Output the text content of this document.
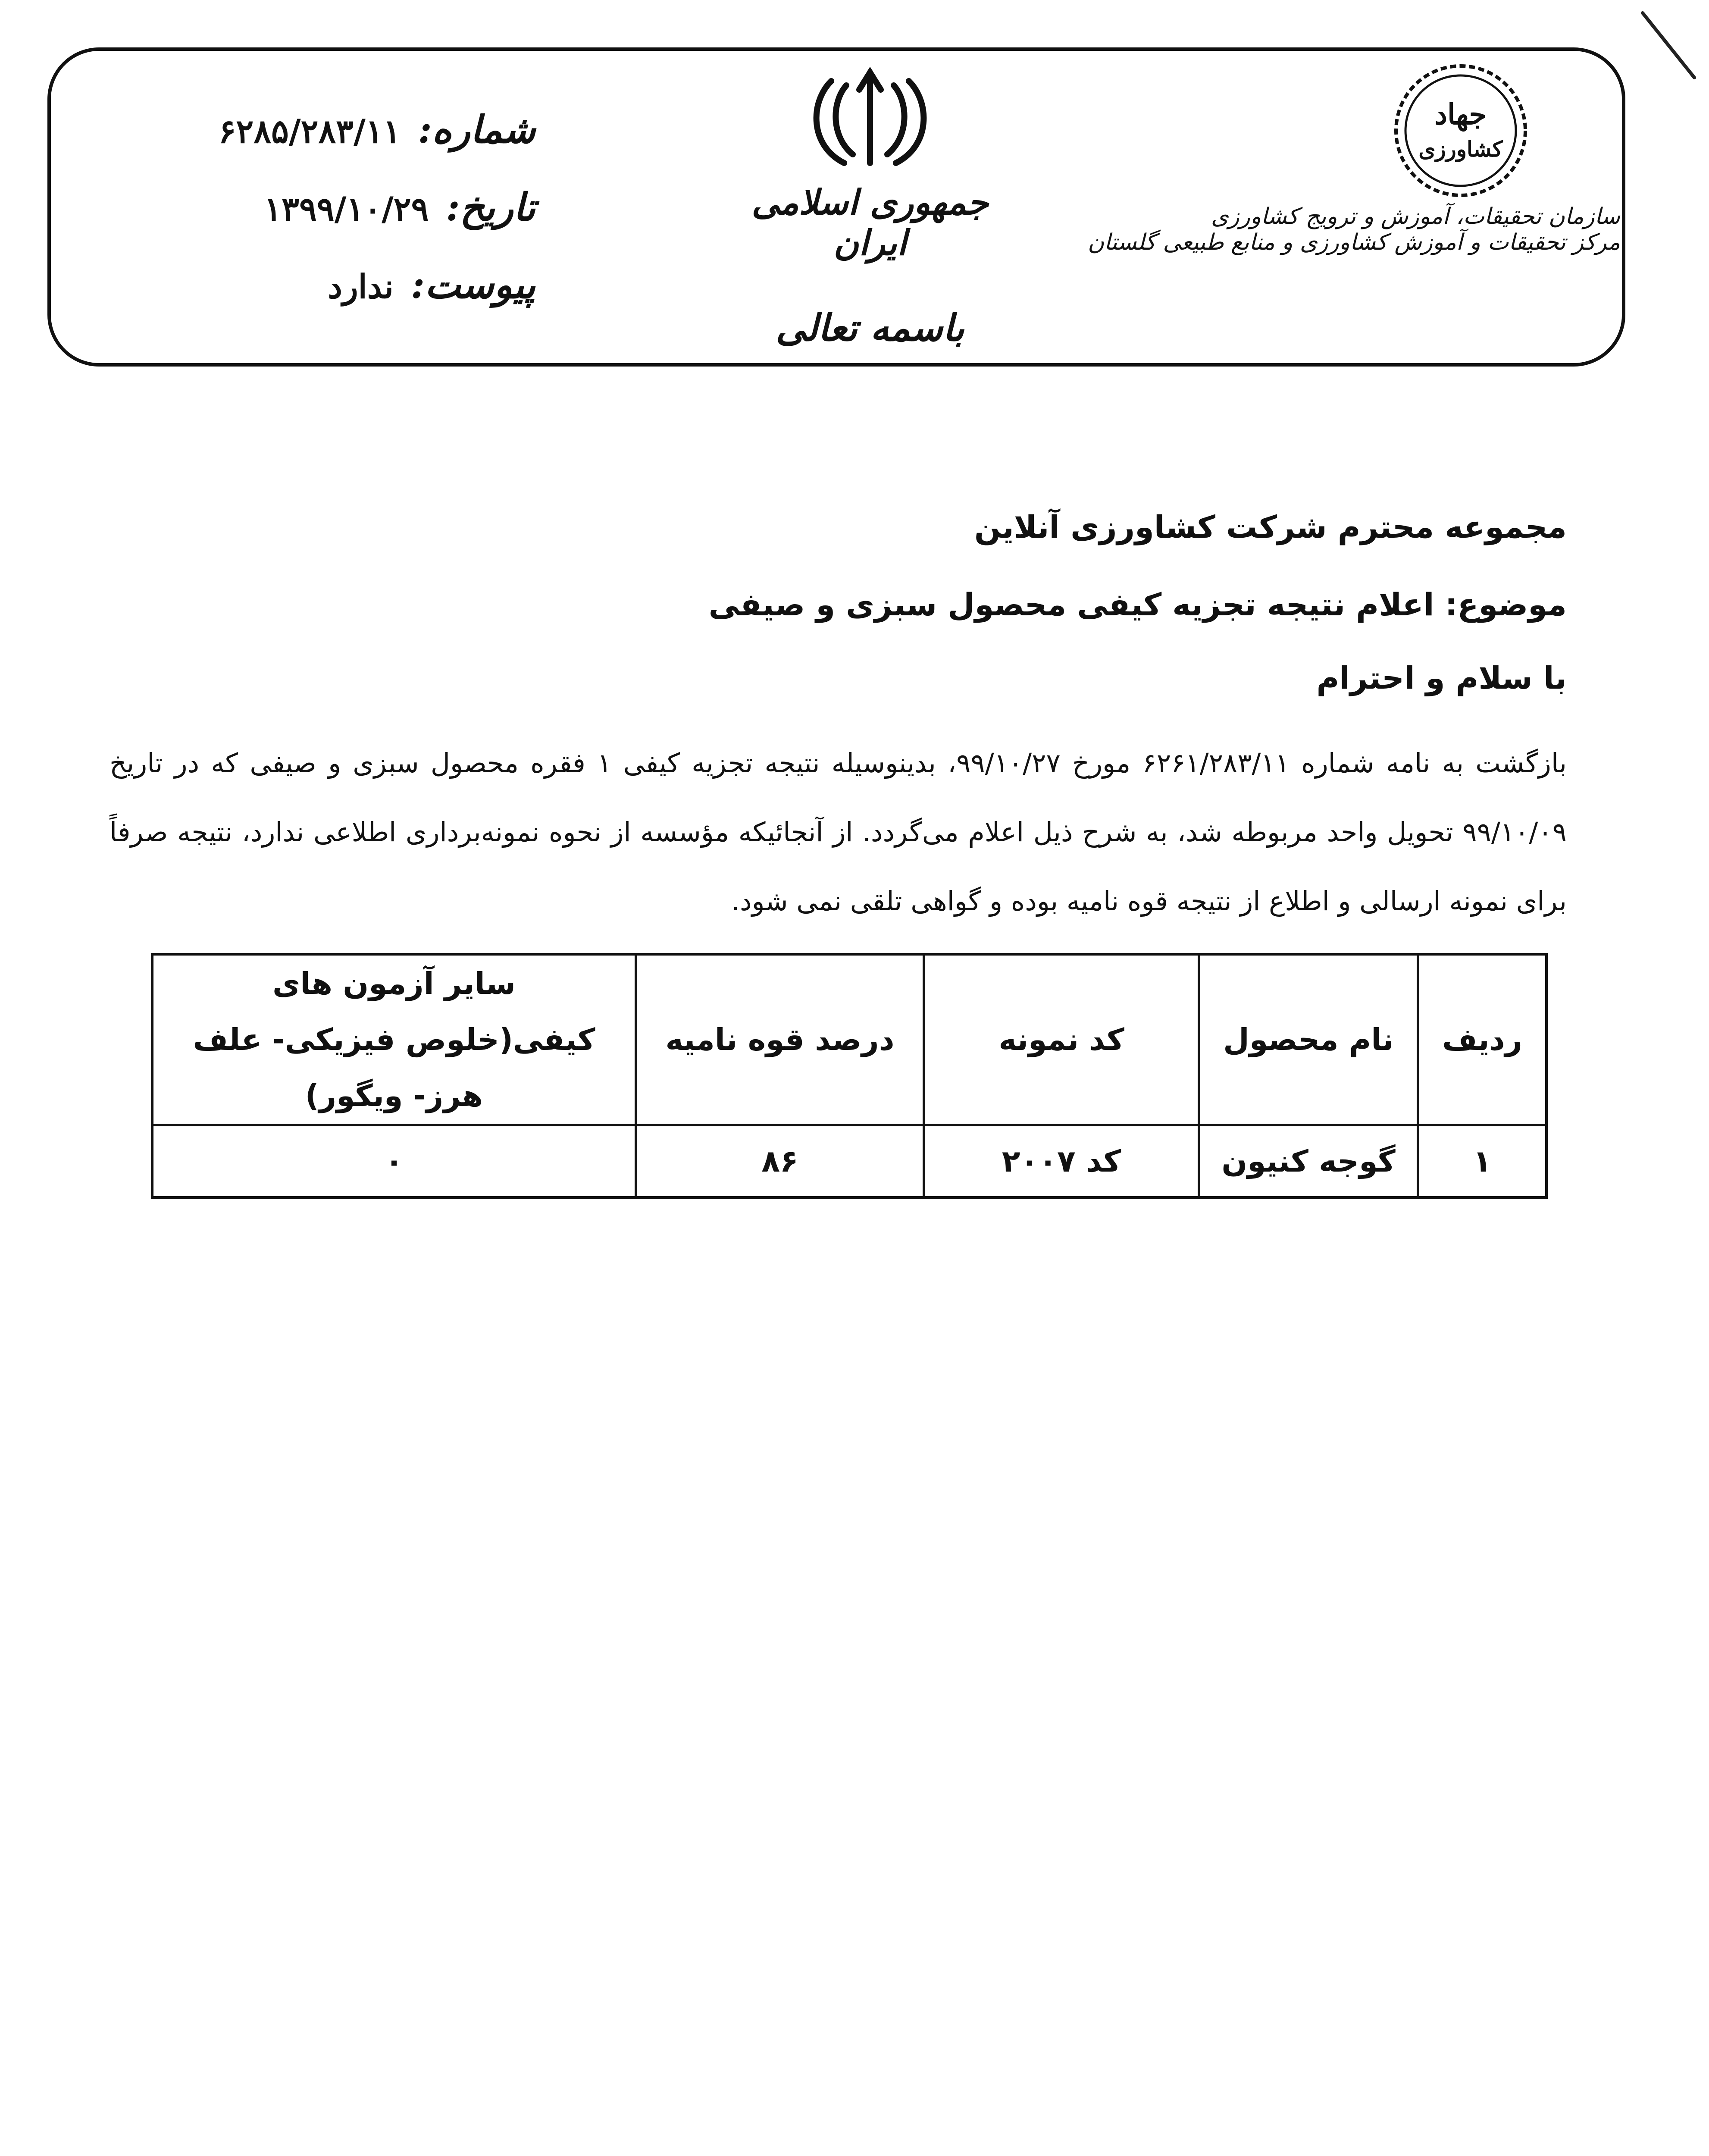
شماره:
۶۲۸۵/۲۸۳/۱۱
تاریخ:
۱۳۹۹/۱۰/۲۹
پیوست:
ندارد
جمهوری اسلامی ایران
باسمه تعالی
جهاد
کشاورزی
سازمان تحقیقات، آموزش و ترویج کشاورزی
مرکز تحقیقات و آموزش کشاورزی و منابع طبیعی گلستان
مجموعه محترم شرکت کشاورزی آنلاین
موضوع: اعلام نتیجه تجزیه کیفی محصول سبزی و صیفی
با سلام و احترام
بازگشت به نامه شماره ۶۲۶۱/۲۸۳/۱۱ مورخ ۹۹/۱۰/۲۷، بدینوسیله نتیجه تجزیه کیفی ۱ فقره محصول سبزی و صیفی که در تاریخ ۹۹/۱۰/۰۹ تحویل واحد مربوطه شد، به شرح ذیل اعلام می‌گردد. از آنجائیکه مؤسسه از نحوه نمونه‌برداری اطلاعی ندارد، نتیجه صرفاً برای نمونه ارسالی و اطلاع از نتیجه قوه نامیه بوده و گواهی تلقی نمی شود.
ردیف	نام محصول	کد نمونه	درصد قوه نامیه	سایر آزمون های کیفی(خلوص فیزیکی- علف هرز- ویگور)
۱	گوجه کنیون	کد ۲۰۰۷	۸۶	۰
